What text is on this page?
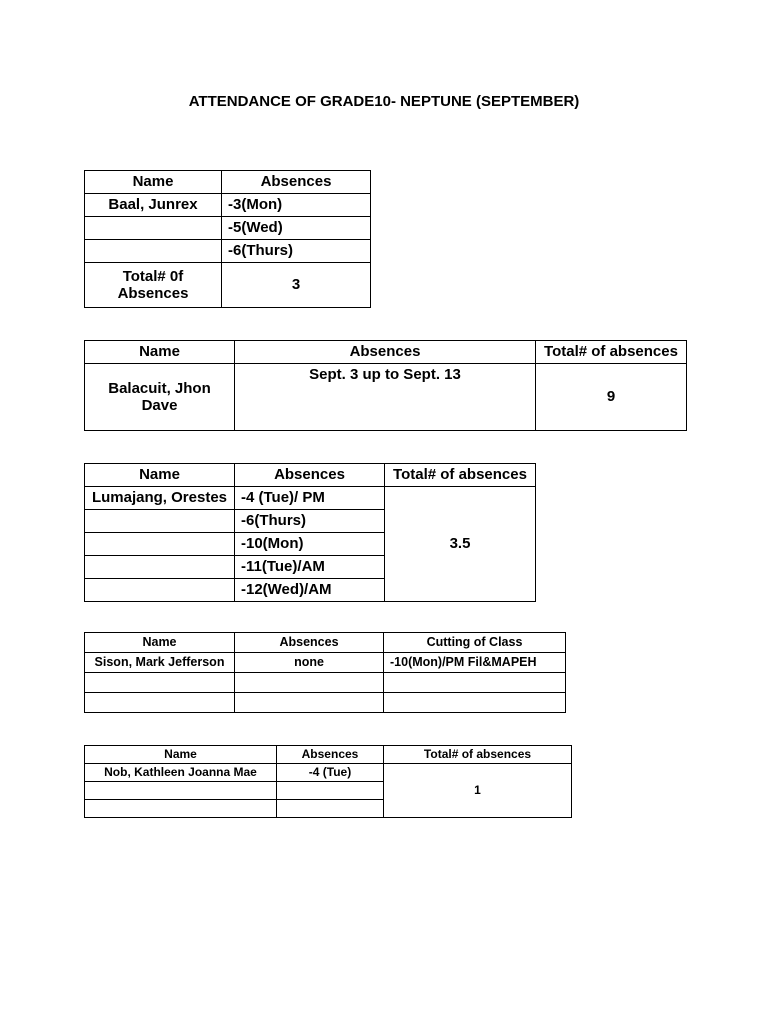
ATTENDANCE OF GRADE10- NEPTUNE (SEPTEMBER)
Name	Absences
Baal, Junrex	-3(Mon)
	-5(Wed)
	-6(Thurs)
Total# 0f Absences	3
Name	Absences	Total# of absences
Balacuit, Jhon Dave	Sept. 3 up to Sept. 13	9
Name	Absences	Total# of absences
Lumajang, Orestes	-4 (Tue)/ PM	3.5
	-6(Thurs)	
	-10(Mon)	
	-11(Tue)/AM	
	-12(Wed)/AM	
Name	Absences	Cutting of Class
Sison, Mark Jefferson	none	-10(Mon)/PM Fil&MAPEH

Name	Absences	Total# of absences
Nob, Kathleen Joanna Mae	-4 (Tue)	1
